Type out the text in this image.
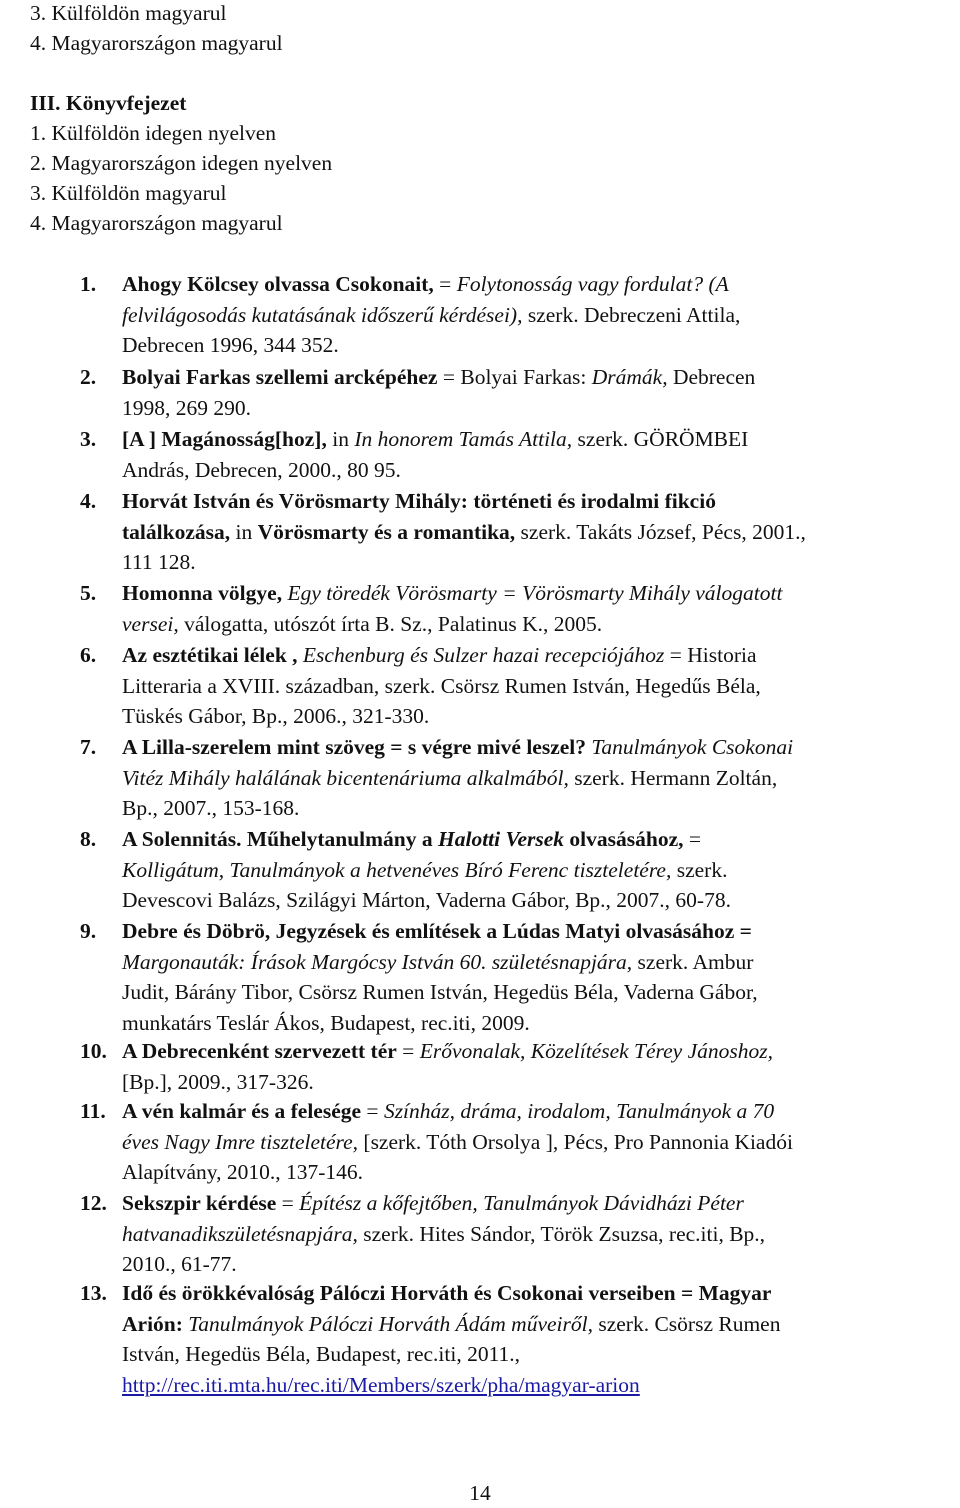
3. Külföldön magyarul

4. Magyarországon magyarul

III. Könyvfejezet

1. Külföldön idegen nyelven

2. Magyarországon idegen nyelven

3. Külföldön magyarul

4. Magyarországon magyarul

1. Ahogy Kölcsey olvassa Csokonait, = Folytonosság vagy fordulat? (A

felvilágosodás kutatásának időszerű kérdései), szerk. Debreczeni Attila,

Debrecen 1996, 344 352.

2. Bolyai Farkas szellemi arcképéhez = Bolyai Farkas: Drámák, Debrecen

1998, 269 290.

3. [A ] Magánosság[hoz], in In honorem Tamás Attila, szerk. GÖRÖMBEI

András, Debrecen, 2000., 80 95.

4. Horvát István és Vörösmarty Mihály: történeti és irodalmi fikció

találkozása, in Vörösmarty és a romantika, szerk. Takáts József, Pécs, 2001.,

111 128.

5. Homonna völgye, Egy töredék Vörösmarty = Vörösmarty Mihály válogatott

versei, válogatta, utószót írta B. Sz., Palatinus K., 2005.

6. Az esztétikai lélek , Eschenburg és Sulzer hazai recepciójához = Historia

Litteraria a XVIII. században, szerk. Csörsz Rumen István, Hegedűs Béla,

Tüskés Gábor, Bp., 2006., 321-330.

7. A Lilla-szerelem mint szöveg = s végre mivé leszel? Tanulmányok Csokonai

Vitéz Mihály halálának bicentenáriuma alkalmából, szerk. Hermann Zoltán,

Bp., 2007., 153-168.

8. A Solennitás. Műhelytanulmány a Halotti Versek olvasásához, =

Kolligátum, Tanulmányok a hetvenéves Bíró Ferenc tiszteletére, szerk.

Devescovi Balázs, Szilágyi Márton, Vaderna Gábor, Bp., 2007., 60-78.

9. Debre és Döbrö, Jegyzések és említések a Lúdas Matyi olvasásához =

Margonauták: Írások Margócsy István 60. születésnapjára, szerk. Ambur

Judit, Bárány Tibor, Csörsz Rumen István, Hegedüs Béla, Vaderna Gábor,

munkatárs Teslár Ákos, Budapest, rec.iti, 2009.

10. A Debrecenként szervezett tér = Erővonalak, Közelítések Térey Jánoshoz,

[Bp.], 2009., 317-326.

11. A vén kalmár és a felesége = Színház, dráma, irodalom, Tanulmányok a 70

éves Nagy Imre tiszteletére, [szerk. Tóth Orsolya ], Pécs, Pro Pannonia Kiadói

Alapítvány, 2010., 137-146.

12. Sekszpir kérdése = Építész a kőfejtőben, Tanulmányok Dávidházi Péter

hatvanadikszületésnapjára, szerk. Hites Sándor, Török Zsuzsa, rec.iti, Bp.,

2010., 61-77.

13. Idő és örökkévalóság Pálóczi Horváth és Csokonai verseiben = Magyar

Arión: Tanulmányok Pálóczi Horváth Ádám műveiről, szerk. Csörsz Rumen

István, Hegedüs Béla, Budapest, rec.iti, 2011.,

http://rec.iti.mta.hu/rec.iti/Members/szerk/pha/magyar-arion

14
